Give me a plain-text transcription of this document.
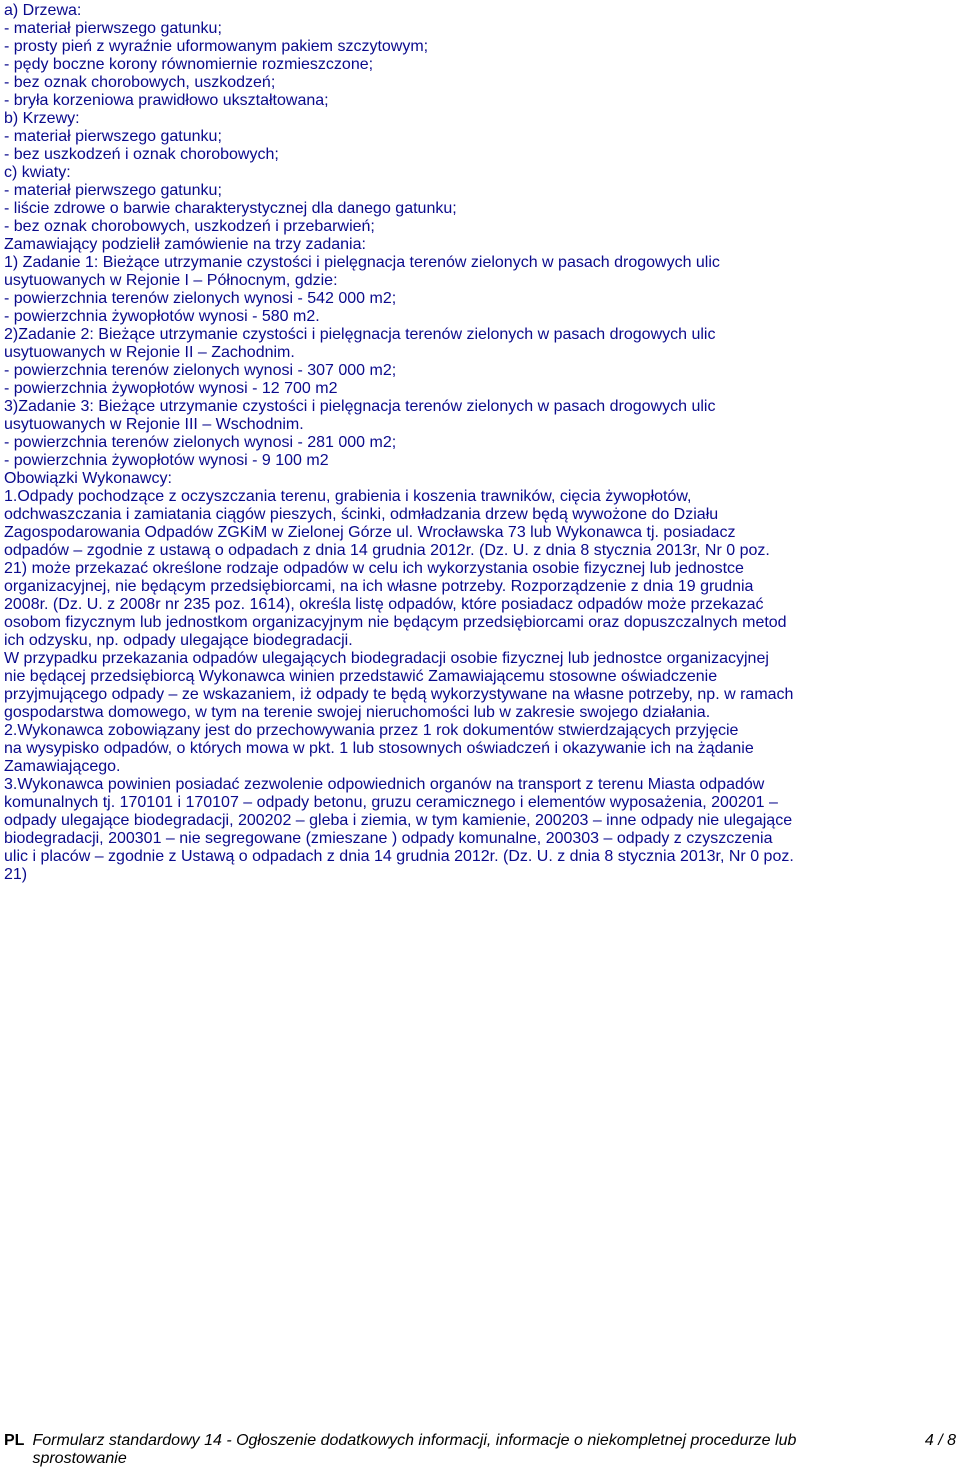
a) Drzewa:
- materiał pierwszego gatunku;
- prosty pień z wyraźnie uformowanym pakiem szczytowym;
- pędy boczne korony równomiernie rozmieszczone;
- bez oznak chorobowych, uszkodzeń;
- bryła korzeniowa prawidłowo ukształtowana;
b) Krzewy:
- materiał pierwszego gatunku;
- bez uszkodzeń i oznak chorobowych;
c) kwiaty:
- materiał pierwszego gatunku;
- liście zdrowe o barwie charakterystycznej dla danego gatunku;
- bez oznak chorobowych, uszkodzeń i przebarwień;
Zamawiający podzielił zamówienie na trzy zadania:
1) Zadanie 1: Bieżące utrzymanie czystości i pielęgnacja terenów zielonych w pasach drogowych ulic
usytuowanych w Rejonie I – Północnym, gdzie:
- powierzchnia terenów zielonych wynosi - 542 000 m2;
- powierzchnia żywopłotów wynosi - 580 m2.
2)Zadanie 2: Bieżące utrzymanie czystości i pielęgnacja terenów zielonych w pasach drogowych ulic
usytuowanych w Rejonie II – Zachodnim.
- powierzchnia terenów zielonych wynosi - 307 000 m2;
- powierzchnia żywopłotów wynosi - 12 700 m2
3)Zadanie 3: Bieżące utrzymanie czystości i pielęgnacja terenów zielonych w pasach drogowych ulic
usytuowanych w Rejonie III – Wschodnim.
- powierzchnia terenów zielonych wynosi - 281 000 m2;
- powierzchnia żywopłotów wynosi - 9 100 m2
Obowiązki Wykonawcy:
1.Odpady pochodzące z oczyszczania terenu, grabienia i koszenia trawników, cięcia żywopłotów,
odchwaszczania i zamiatania ciągów pieszych, ścinki, odmładzania drzew będą wywożone do Działu
Zagospodarowania Odpadów ZGKiM w Zielonej Górze ul. Wrocławska 73 lub Wykonawca tj. posiadacz
odpadów – zgodnie z ustawą o odpadach z dnia 14 grudnia 2012r. (Dz. U. z dnia 8 stycznia 2013r, Nr 0 poz.
21) może przekazać określone rodzaje odpadów w celu ich wykorzystania osobie fizycznej lub jednostce
organizacyjnej, nie będącym przedsiębiorcami, na ich własne potrzeby. Rozporządzenie z dnia 19 grudnia
2008r. (Dz. U. z 2008r nr 235 poz. 1614), określa listę odpadów, które posiadacz odpadów może przekazać
osobom fizycznym lub jednostkom organizacyjnym nie będącym przedsiębiorcami oraz dopuszczalnych metod
ich odzysku, np. odpady ulegające biodegradacji.
W przypadku przekazania odpadów ulegających biodegradacji osobie fizycznej lub jednostce organizacyjnej
nie będącej przedsiębiorcą Wykonawca winien przedstawić Zamawiającemu stosowne oświadczenie
przyjmującego odpady – ze wskazaniem, iż odpady te będą wykorzystywane na własne potrzeby, np. w ramach
gospodarstwa domowego, w tym na terenie swojej nieruchomości lub w zakresie swojego działania.
2.Wykonawca zobowiązany jest do przechowywania przez 1 rok dokumentów stwierdzających przyjęcie
na wysypisko odpadów, o których mowa w pkt. 1 lub stosownych oświadczeń i okazywanie ich na żądanie
Zamawiającego.
3.Wykonawca powinien posiadać zezwolenie odpowiednich organów na transport z terenu Miasta odpadów
komunalnych tj. 170101 i 170107 – odpady betonu, gruzu ceramicznego i elementów wyposażenia, 200201 –
odpady ulegające biodegradacji, 200202 – gleba i ziemia, w tym kamienie, 200203 – inne odpady nie ulegające
biodegradacji, 200301 – nie segregowane (zmieszane ) odpady komunalne, 200303 – odpady z czyszczenia
ulic i placów – zgodnie z Ustawą o odpadach z dnia 14 grudnia 2012r. (Dz. U. z dnia 8 stycznia 2013r, Nr 0 poz.
21)
PL Formularz standardowy 14 - Ogłoszenie dodatkowych informacji, informacje o niekompletnej procedurze lub sprostowanie
4 / 8
